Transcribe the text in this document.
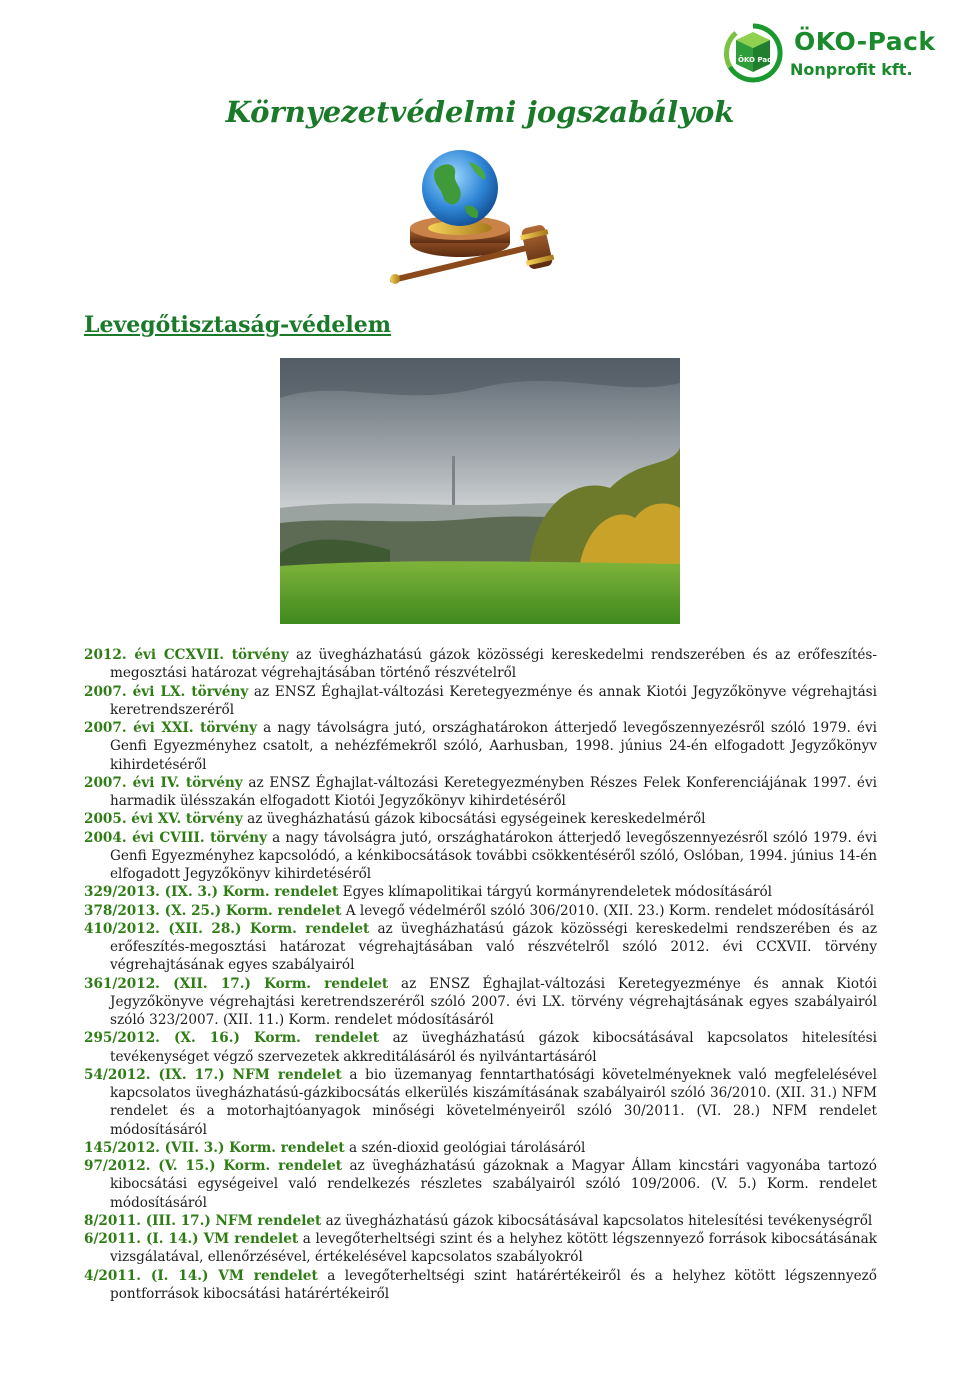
ÖKO Pack
ÖKO-Pack
Nonprofit kft.
Környezetvédelmi jogszabályok
Levegőtisztaság-védelem

2012. évi CCXVII. törvény az üvegházhatású gázok közösségi kereskedelmi rendszerében és az erőfeszítés-megosztási határozat végrehajtásában történő részvételről

2007. évi LX. törvény az ENSZ Éghajlat-változási Keretegyezménye és annak Kiotói Jegyzőkönyve végrehajtási keretrendszeréről

2007. évi XXI. törvény a nagy távolságra jutó, országhatárokon átterjedő levegőszennyezésről szóló 1979. évi Genfi Egyezményhez csatolt, a nehézfémekről szóló, Aarhusban, 1998. június 24-én elfogadott Jegyzőkönyv kihirdetéséről

2007. évi IV. törvény az ENSZ Éghajlat-változási Keretegyezményben Részes Felek Konferenciájának 1997. évi harmadik ülésszakán elfogadott Kiotói Jegyzőkönyv kihirdetéséről

2005. évi XV. törvény az üvegházhatású gázok kibocsátási egységeinek kereskedelméről

2004. évi CVIII. törvény a nagy távolságra jutó, országhatárokon átterjedő levegőszennyezésről szóló 1979. évi Genfi Egyezményhez kapcsolódó, a kénkibocsátások további csökkentéséről szóló, Oslóban, 1994. június 14-én elfogadott Jegyzőkönyv kihirdetéséről

329/2013. (IX. 3.) Korm. rendelet Egyes klímapolitikai tárgyú kormányrendeletek módosításáról

378/2013. (X. 25.) Korm. rendelet A levegő védelméről szóló 306/2010. (XII. 23.) Korm. rendelet módosításáról

410/2012. (XII. 28.) Korm. rendelet az üvegházhatású gázok közösségi kereskedelmi rendszerében és az erőfeszítés-megosztási határozat végrehajtásában való részvételről szóló 2012. évi CCXVII. törvény végrehajtásának egyes szabályairól

361/2012. (XII. 17.) Korm. rendelet az ENSZ Éghajlat-változási Keretegyezménye és annak Kiotói Jegyzőkönyve végrehajtási keretrendszeréről szóló 2007. évi LX. törvény végrehajtásának egyes szabályairól szóló 323/2007. (XII. 11.) Korm. rendelet módosításáról

295/2012. (X. 16.) Korm. rendelet az üvegházhatású gázok kibocsátásával kapcsolatos hitelesítési tevékenységet végző szervezetek akkreditálásáról és nyilvántartásáról

54/2012. (IX. 17.) NFM rendelet a bio üzemanyag fenntarthatósági követelményeknek való megfelelésével kapcsolatos üvegházhatású-gázkibocsátás elkerülés kiszámításának szabályairól szóló 36/2010. (XII. 31.) NFM rendelet és a motorhajtóanyagok minőségi követelményeiről szóló 30/2011. (VI. 28.) NFM rendelet módosításáról

145/2012. (VII. 3.) Korm. rendelet a szén-dioxid geológiai tárolásáról

97/2012. (V. 15.) Korm. rendelet az üvegházhatású gázoknak a Magyar Állam kincstári vagyonába tartozó kibocsátási egységeivel való rendelkezés részletes szabályairól szóló 109/2006. (V. 5.) Korm. rendelet módosításáról

8/2011. (III. 17.) NFM rendelet az üvegházhatású gázok kibocsátásával kapcsolatos hitelesítési tevékenységről

6/2011. (I. 14.) VM rendelet a levegőterheltségi szint és a helyhez kötött légszennyező források kibocsátásának vizsgálatával, ellenőrzésével, értékelésével kapcsolatos szabályokról

4/2011. (I. 14.) VM rendelet a levegőterheltségi szint határértékeiről és a helyhez kötött légszennyező pontforrások kibocsátási határértékeiről
